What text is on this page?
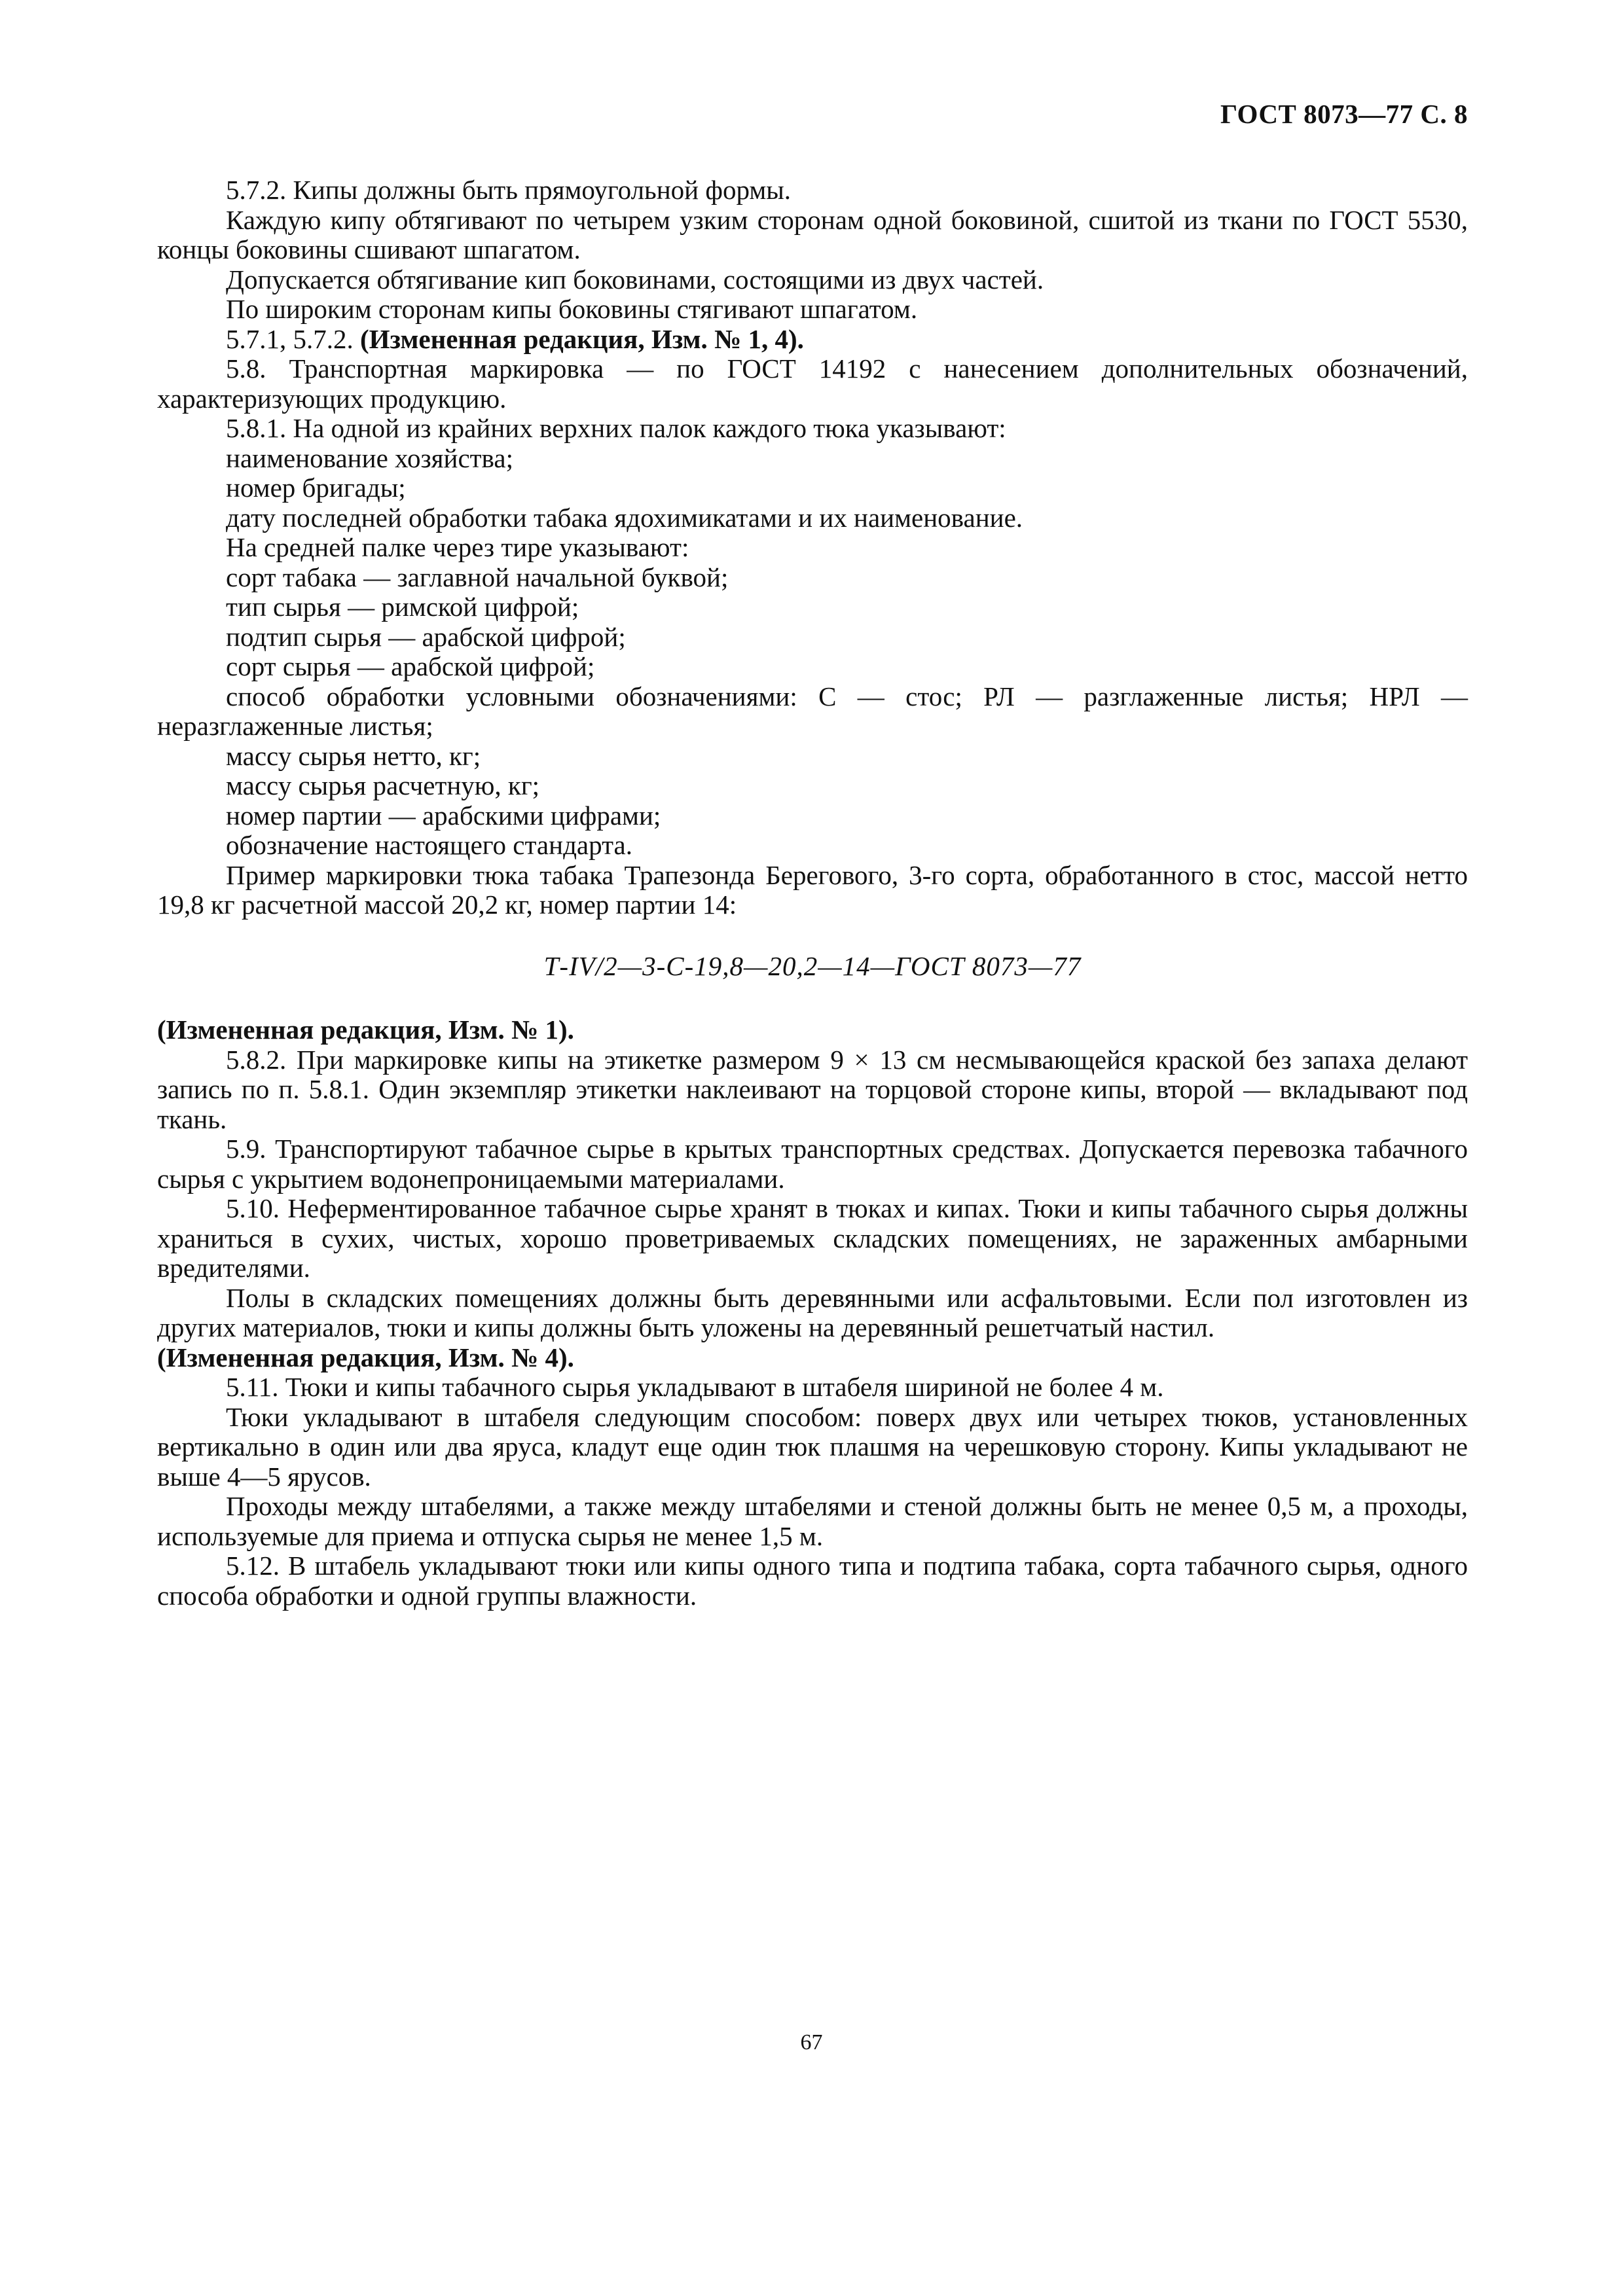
ГОСТ 8073—77 С. 8

5.7.2. Кипы должны быть прямоугольной формы.

Каждую кипу обтягивают по четырем узким сторонам одной боковиной, сшитой из ткани по ГОСТ 5530, концы боковины сшивают шпагатом.

Допускается обтягивание кип боковинами, состоящими из двух частей.

По широким сторонам кипы боковины стягивают шпагатом.

5.7.1, 5.7.2. (Измененная редакция, Изм. № 1, 4).

5.8. Транспортная маркировка — по ГОСТ 14192 с нанесением дополнительных обозначений, характеризующих продукцию.

5.8.1. На одной из крайних верхних палок каждого тюка указывают:

наименование хозяйства;

номер бригады;

дату последней обработки табака ядохимикатами и их наименование.

На средней палке через тире указывают:

сорт табака — заглавной начальной буквой;

тип сырья — римской цифрой;

подтип сырья — арабской цифрой;

сорт сырья — арабской цифрой;

способ обработки условными обозначениями: С — стос; РЛ — разглаженные листья; НРЛ — неразглаженные листья;

массу сырья нетто, кг;

массу сырья расчетную, кг;

номер партии — арабскими цифрами;

обозначение настоящего стандарта.

Пример маркировки тюка табака Трапезонда Берегового, 3-го сорта, обработанного в стос, массой нетто 19,8 кг расчетной массой 20,2 кг, номер партии 14:

Т-IV/2—3-С-19,8—20,2—14—ГОСТ 8073—77

(Измененная редакция, Изм. № 1).

5.8.2. При маркировке кипы на этикетке размером 9 × 13 см несмывающейся краской без запаха делают запись по п. 5.8.1. Один экземпляр этикетки наклеивают на торцовой стороне кипы, второй — вкладывают под ткань.

5.9. Транспортируют табачное сырье в крытых транспортных средствах. Допускается перевозка табачного сырья с укрытием водонепроницаемыми материалами.

5.10. Неферментированное табачное сырье хранят в тюках и кипах. Тюки и кипы табачного сырья должны храниться в сухих, чистых, хорошо проветриваемых складских помещениях, не зараженных амбарными вредителями.

Полы в складских помещениях должны быть деревянными или асфальтовыми. Если пол изготовлен из других материалов, тюки и кипы должны быть уложены на деревянный решетчатый настил.

(Измененная редакция, Изм. № 4).

5.11. Тюки и кипы табачного сырья укладывают в штабеля шириной не более 4 м.

Тюки укладывают в штабеля следующим способом: поверх двух или четырех тюков, установленных вертикально в один или два яруса, кладут еще один тюк плашмя на черешковую сторону. Кипы укладывают не выше 4—5 ярусов.

Проходы между штабелями, а также между штабелями и стеной должны быть не менее 0,5 м, а проходы, используемые для приема и отпуска сырья не менее 1,5 м.

5.12. В штабель укладывают тюки или кипы одного типа и подтипа табака, сорта табачного сырья, одного способа обработки и одной группы влажности.

67
